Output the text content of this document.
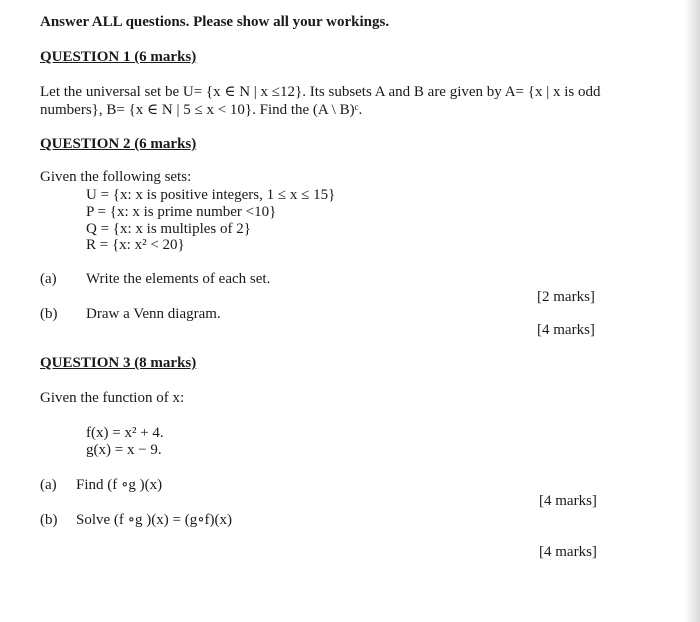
Answer ALL questions. Please show all your workings.
QUESTION 1 (6 marks)
Let the universal set be U= {x ∈ N | x ≤12}. Its subsets A and B are given by A= {x | x is odd
numbers}, B= {x ∈ N | 5 ≤ x < 10}. Find the (A \ B)ᶜ.
QUESTION 2 (6 marks)
Given the following sets:
U = {x: x is positive integers, 1 ≤ x ≤ 15}
P = {x: x is prime number <10}
Q = {x: x is multiples of 2}
R = {x: x² < 20}
(a) Write the elements of each set.
[2 marks]
(b) Draw a Venn diagram.
[4 marks]
QUESTION 3 (8 marks)
Given the function of x:
f(x) = x² + 4.
g(x) = x − 9.
(a) Find (f ∘g )(x)
[4 marks]
(b) Solve (f ∘g )(x) = (g∘f)(x)
[4 marks]
